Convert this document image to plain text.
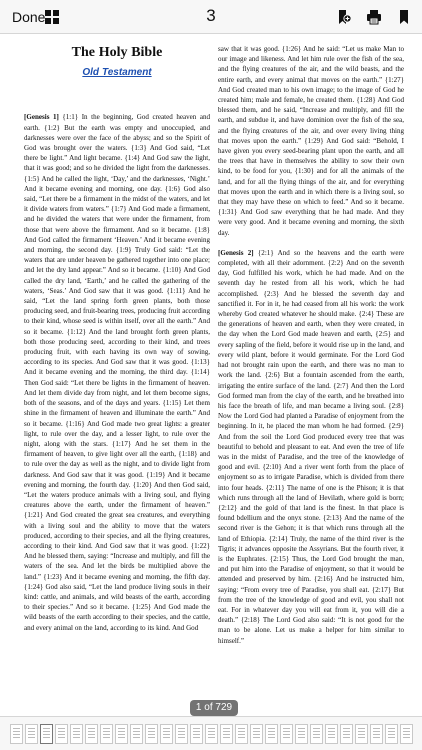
Done	3
The Holy Bible
Old Testament
[Genesis 1] {1:1} In the beginning, God created heaven and earth. {1:2} But the earth was empty and unoccupied, and darknesses were over the face of the abyss; and so the Spirit of God was brought over the waters. {1:3} And God said, “Let there be light.” And light became. {1:4} And God saw the light, that it was good; and so he divided the light from the darknesses. {1:5} And he called the light, ‘Day,’ and the darknesses, ‘Night.’ And it became evening and morning, one day. {1:6} God also said, “Let there be a firmament in the midst of the waters, and let it divide waters from waters.” {1:7} And God made a firmament, and he divided the waters that were under the firmament, from those that were above the firmament. And so it became. {1:8} And God called the firmament ‘Heaven.’ And it became evening and morning, the second day. {1:9} Truly God said: “Let the waters that are under heaven be gathered together into one place; and let the dry land appear.” And so it became. {1:10} And God called the dry land, ‘Earth,’ and he called the gathering of the waters, ‘Seas.’ And God saw that it was good. {1:11} And he said, “Let the land spring forth green plants, both those producing seed, and fruit-bearing trees, producing fruit according to their kind, whose seed is within itself, over all the earth.” And so it became. {1:12} And the land brought forth green plants, both those producing seed, according to their kind, and trees producing fruit, with each having its own way of sowing, according to its species. And God saw that it was good. {1:13} And it became evening and the morning, the third day. {1:14} Then God said: “Let there be lights in the firmament of heaven. And let them divide day from night, and let them become signs, both of the seasons, and of the days and years. {1:15} Let them shine in the firmament of heaven and illuminate the earth.” And so it became. {1:16} And God made two great lights: a greater light, to rule over the day, and a lesser light, to rule over the night, along with the stars. {1:17} And he set them in the firmament of heaven, to give light over all the earth, {1:18} and to rule over the day as well as the night, and to divide light from darkness. And God saw that it was good. {1:19} And it became evening and morning, the fourth day. {1:20} And then God said, “Let the waters produce animals with a living soul, and flying creatures above the earth, under the firmament of heaven.” {1:21} And God created the great sea creatures, and everything with a living soul and the ability to move that the waters produced, according to their species, and all the flying creatures, according to their kind. And God saw that it was good. {1:22} And he blessed them, saying: “Increase and multiply, and fill the waters of the sea. And let the birds be multiplied above the land.” {1:23} And it became evening and morning, the fifth day. {1:24} God also said, “Let the land produce living souls in their kind: cattle, and animals, and wild beasts of the earth, according to their species.” And so it became. {1:25} And God made the wild beasts of the earth according to their species, and the cattle, and every animal on the land, according to its kind. And God
saw that it was good. {1:26} And he said: “Let us make Man to our image and likeness. And let him rule over the fish of the sea, and the flying creatures of the air, and the wild beasts, and the entire earth, and every animal that moves on the earth.” {1:27} And God created man to his own image; to the image of God he created him; male and female, he created them. {1:28} And God blessed them, and he said, “Increase and multiply, and fill the earth, and subdue it, and have dominion over the fish of the sea, and the flying creatures of the air, and over every living thing that moves upon the earth.” {1:29} And God said: “Behold, I have given you every seed-bearing plant upon the earth, and all the trees that have in themselves the ability to sow their own kind, to be food for you, {1:30} and for all the animals of the land, and for all the flying things of the air, and for everything that moves upon the earth and in which there is a living soul, so that they may have these on which to feed.” And so it became. {1:31} And God saw everything that he had made. And they were very good. And it became evening and morning, the sixth day.
[Genesis 2] {2:1} And so the heavens and the earth were completed, with all their adornment. {2:2} And on the seventh day, God fulfilled his work, which he had made. And on the seventh day he rested from all his work, which he had accomplished. {2:3} And he blessed the seventh day and sanctified it. For in it, he had ceased from all his work: the work whereby God created whatever he should make. {2:4} These are the generations of heaven and earth, when they were created, in the day when the Lord God made heaven and earth, {2:5} and every sapling of the field, before it would rise up in the land, and every wild plant, before it would germinate. For the Lord God had not brought rain upon the earth, and there was no man to work the land. {2:6} But a fountain ascended from the earth, irrigating the entire surface of the land. {2:7} And then the Lord God formed man from the clay of the earth, and he breathed into his face the breath of life, and man became a living soul. {2:8} Now the Lord God had planted a Paradise of enjoyment from the beginning. In it, he placed the man whom he had formed. {2:9} And from the soil the Lord God produced every tree that was beautiful to behold and pleasant to eat. And even the tree of life was in the midst of Paradise, and the tree of the knowledge of good and evil. {2:10} And a river went forth from the place of enjoyment so as to irrigate Paradise, which is divided from there into four heads. {2:11} The name of one is the Phison; it is that which runs through all the land of Hevilath, where gold is born; {2:12} and the gold of that land is the finest. In that place is found bdellium and the onyx stone. {2:13} And the name of the second river is the Gehon; it is that which runs through all the land of Ethiopia. {2:14} Truly, the name of the third river is the Tigris; it advances opposite the Assyrians. But the fourth river, it is the Euphrates. {2:15} Thus, the Lord God brought the man, and put him into the Paradise of enjoyment, so that it would be attended and preserved by him. {2:16} And he instructed him, saying: “From every tree of Paradise, you shall eat. {2:17} But from the tree of the knowledge of good and evil, you shall not eat. For in whatever day you will eat from it, you will die a death.” {2:18} The Lord God also said: “It is not good for the man to be alone. Let us make a helper for him similar to himself.”
1 of 729
